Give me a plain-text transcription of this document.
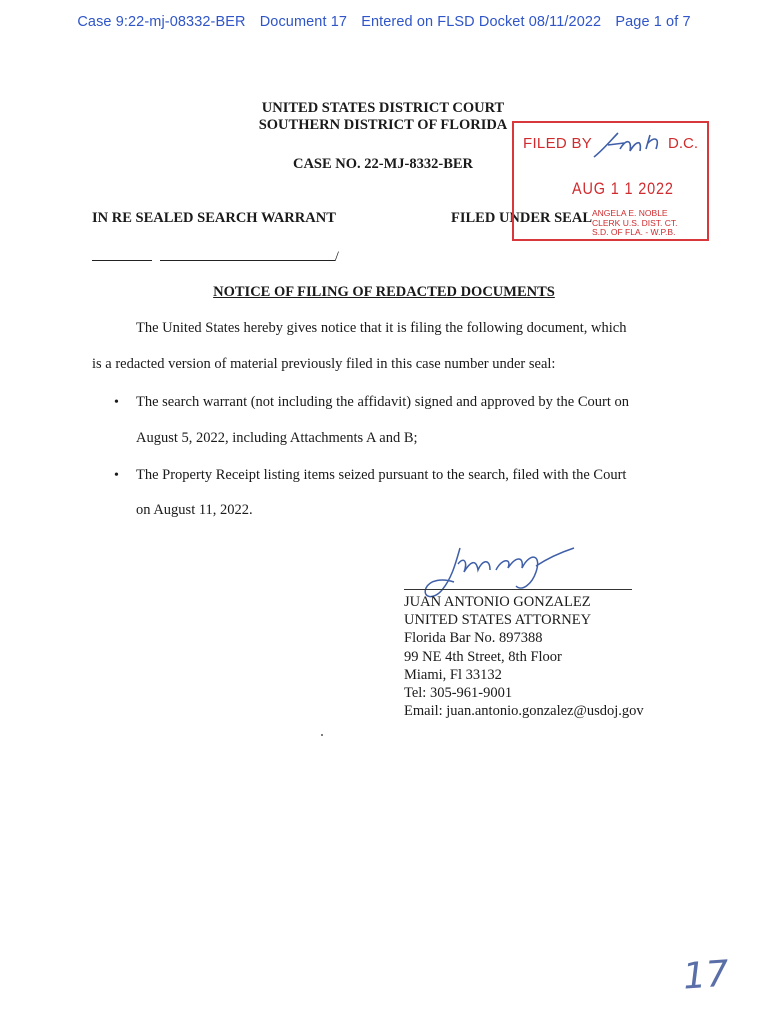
Case 9:22-mj-08332-BER Document 17 Entered on FLSD Docket 08/11/2022 Page 1 of 7
UNITED STATES DISTRICT COURT
SOUTHERN DISTRICT OF FLORIDA
CASE NO. 22-MJ-8332-BER
IN RE SEALED SEARCH WARRANT	FILED UNDER SEAL
/
FILED BY	D.C.
AUG 1 1 2022
ANGELA E. NOBLE
CLERK U.S. DIST. CT.
S.D. OF FLA. - W.P.B.
NOTICE OF FILING OF REDACTED DOCUMENTS
The United States hereby gives notice that it is filing the following document, which
is a redacted version of material previously filed in this case number under seal:
• The search warrant (not including the affidavit) signed and approved by the Court on
August 5, 2022, including Attachments A and B;
• The Property Receipt listing items seized pursuant to the search, filed with the Court
on August 11, 2022.
JUAN ANTONIO GONZALEZ
UNITED STATES ATTORNEY
Florida Bar No. 897388
99 NE 4th Street, 8th Floor
Miami, Fl 33132
Tel: 305-961-9001
Email: juan.antonio.gonzalez@usdoj.gov
17
